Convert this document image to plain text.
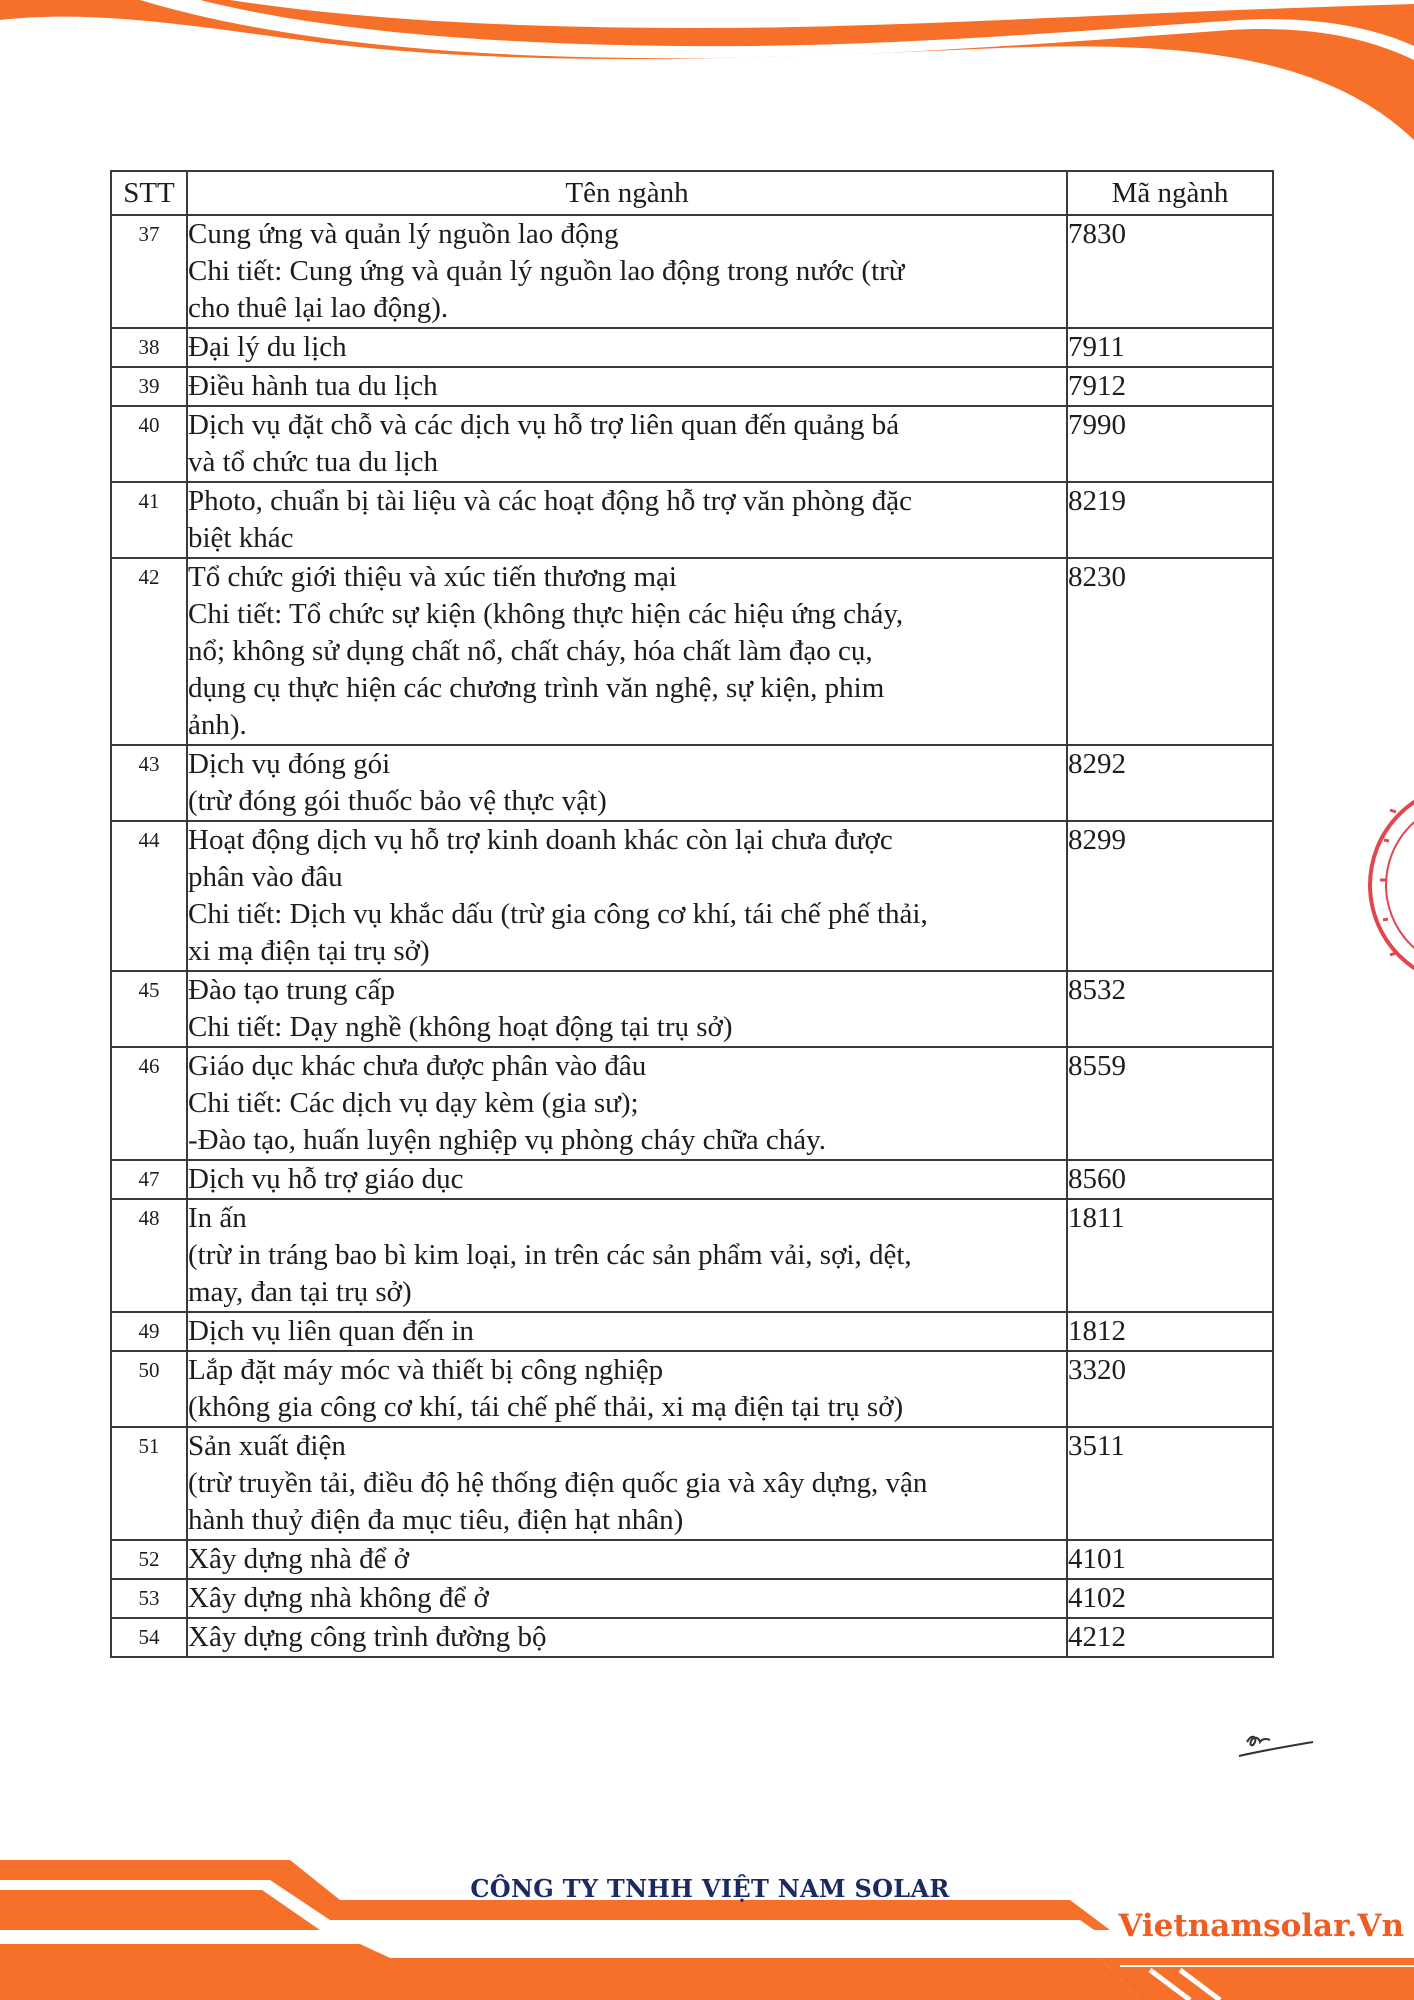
STT	Tên ngành	Mã ngành
37	Cung ứng và quản lý nguồn lao động
Chi tiết: Cung ứng và quản lý nguồn lao động trong nước (trừ
cho thuê lại lao động).	7830
38	Đại lý du lịch	7911
39	Điều hành tua du lịch	7912
40	Dịch vụ đặt chỗ và các dịch vụ hỗ trợ liên quan đến quảng bá
và tổ chức tua du lịch	7990
41	Photo, chuẩn bị tài liệu và các hoạt động hỗ trợ văn phòng đặc
biệt khác	8219
42	Tổ chức giới thiệu và xúc tiến thương mại
Chi tiết: Tổ chức sự kiện (không thực hiện các hiệu ứng cháy,
nổ; không sử dụng chất nổ, chất cháy, hóa chất làm đạo cụ,
dụng cụ thực hiện các chương trình văn nghệ, sự kiện, phim
ảnh).	8230
43	Dịch vụ đóng gói
(trừ đóng gói thuốc bảo vệ thực vật)	8292
44	Hoạt động dịch vụ hỗ trợ kinh doanh khác còn lại chưa được
phân vào đâu
Chi tiết: Dịch vụ khắc dấu (trừ gia công cơ khí, tái chế phế thải,
xi mạ điện tại trụ sở)	8299
45	Đào tạo trung cấp
Chi tiết: Dạy nghề (không hoạt động tại trụ sở)	8532
46	Giáo dục khác chưa được phân vào đâu
Chi tiết: Các dịch vụ dạy kèm (gia sư);
-Đào tạo, huấn luyện nghiệp vụ phòng cháy chữa cháy.	8559
47	Dịch vụ hỗ trợ giáo dục	8560
48	In ấn
(trừ in tráng bao bì kim loại, in trên các sản phẩm vải, sợi, dệt,
may, đan tại trụ sở)	1811
49	Dịch vụ liên quan đến in	1812
50	Lắp đặt máy móc và thiết bị công nghiệp
(không gia công cơ khí, tái chế phế thải, xi mạ điện tại trụ sở)	3320
51	Sản xuất điện
(trừ truyền tải, điều độ hệ thống điện quốc gia và xây dựng, vận
hành thuỷ điện đa mục tiêu, điện hạt nhân)	3511
52	Xây dựng nhà để ở	4101
53	Xây dựng nhà không để ở	4102
54	Xây dựng công trình đường bộ	4212
CÔNG TY TNHH VIỆT NAM SOLAR
Vietnamsolar.Vn
